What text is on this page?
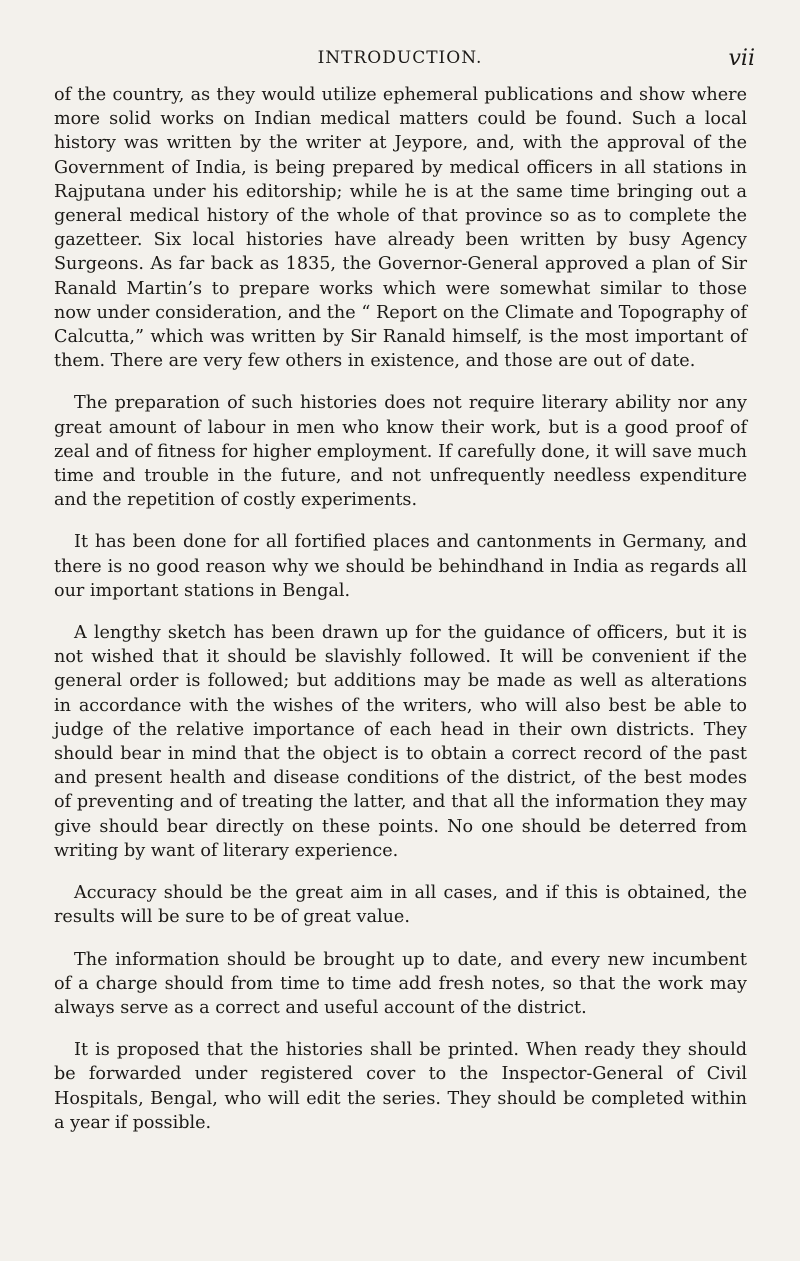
INTRODUCTION.	vii

of the country, as they would utilize ephemeral publications and show where more solid works on Indian medical matters could be found. Such a local history was written by the writer at Jeypore, and, with the approval of the Government of India, is being prepared by medical officers in all stations in Rajputana under his editorship; while he is at the same time bringing out a general medical history of the whole of that province so as to complete the gazetteer. Six local histories have already been written by busy Agency Surgeons. As far back as 1835, the Governor-General approved a plan of Sir Ranald Martin’s to prepare works which were somewhat similar to those now under consideration, and the “ Report on the Climate and Topography of Calcutta,” which was written by Sir Ranald himself, is the most important of them. There are very few others in existence, and those are out of date.

The preparation of such histories does not require literary ability nor any great amount of labour in men who know their work, but is a good proof of zeal and of fitness for higher employment. If carefully done, it will save much time and trouble in the future, and not unfrequently needless expenditure and the repetition of costly experiments.

It has been done for all fortified places and cantonments in Germany, and there is no good reason why we should be behindhand in India as regards all our important stations in Bengal.

A lengthy sketch has been drawn up for the guidance of officers, but it is not wished that it should be slavishly followed. It will be convenient if the general order is followed; but additions may be made as well as alterations in accordance with the wishes of the writers, who will also best be able to judge of the relative importance of each head in their own districts. They should bear in mind that the object is to obtain a correct record of the past and present health and disease conditions of the district, of the best modes of preventing and of treating the latter, and that all the information they may give should bear directly on these points. No one should be deterred from writing by want of literary experience.

Accuracy should be the great aim in all cases, and if this is obtained, the results will be sure to be of great value.

The information should be brought up to date, and every new incumbent of a charge should from time to time add fresh notes, so that the work may always serve as a correct and useful account of the district.

It is proposed that the histories shall be printed. When ready they should be forwarded under registered cover to the Inspector-General of Civil Hospitals, Bengal, who will edit the series. They should be completed within a year if possible.
